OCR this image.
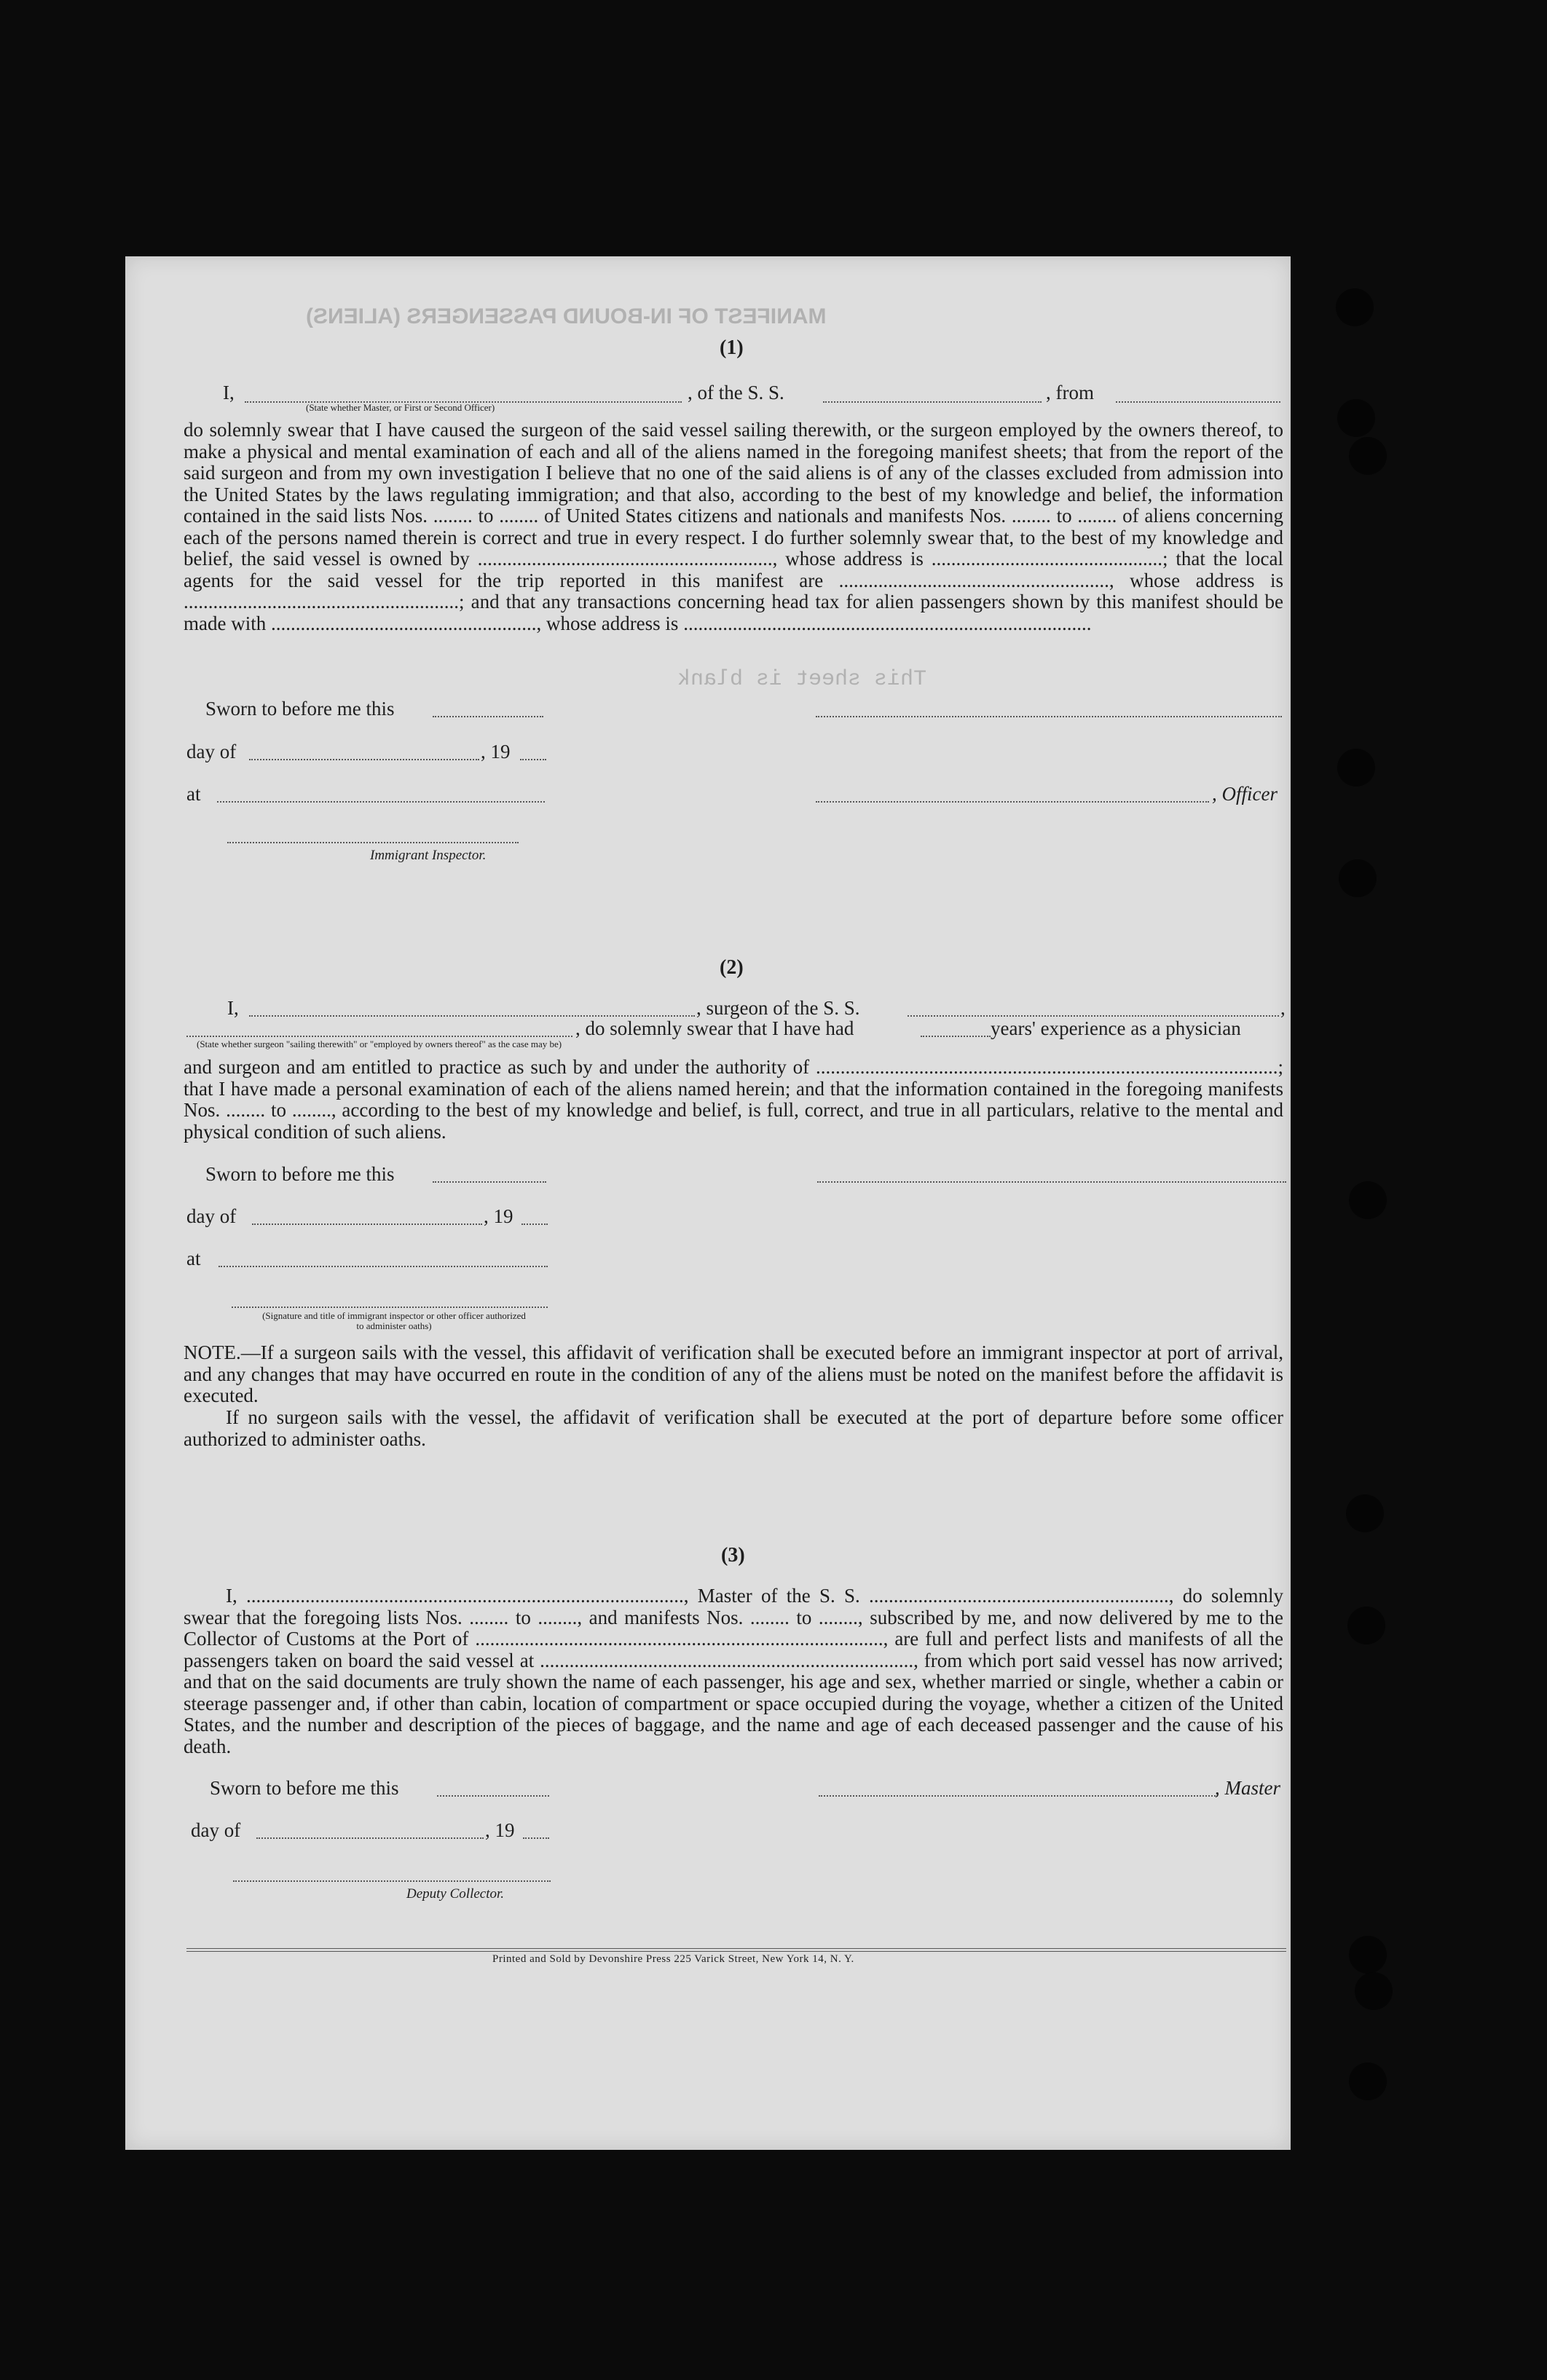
MANIFEST OF IN-BOUND PASSENGERS (ALIENS)
This sheet is blank
(1)
I,	, of the S. S.	, from
(State whether Master, or First or Second Officer)
do solemnly swear that I have caused the surgeon of the said vessel sailing therewith, or the surgeon employed by the owners thereof, to make a physical and mental examination of each and all of the aliens named in the foregoing manifest sheets; that from the report of the said surgeon and from my own investigation I believe that no one of the said aliens is of any of the classes excluded from admission into the United States by the laws regulating immigration; and that also, according to the best of my knowledge and belief, the information contained in the said lists Nos. ........ to ........ of United States citizens and nationals and manifests Nos. ........ to ........ of aliens concerning each of the persons named therein is correct and true in every respect. I do further solemnly swear that, to the best of my knowledge and belief, the said vessel is owned by ............................................................, whose address is ...............................................; that the local agents for the said vessel for the trip reported in this manifest are ......................................................., whose address is ........................................................; and that any transactions concerning head tax for alien passengers shown by this manifest should be made with ......................................................, whose address is ...................................................................................
Sworn to before me this
day of	, 19
at	, Officer
Immigrant Inspector.
(2)
I,	, surgeon of the S. S.	,
, do solemnly swear that I have had	years' experience as a physician
(State whether surgeon "sailing therewith" or "employed by owners thereof" as the case may be)
and surgeon and am entitled to practice as such by and under the authority of ..............................................................................................; that I have made a personal examination of each of the aliens named herein; and that the information contained in the foregoing manifests Nos. ........ to ........, according to the best of my knowledge and belief, is full, correct, and true in all particulars, relative to the mental and physical condition of such aliens.
Sworn to before me this
day of	, 19
at
(Signature and title of immigrant inspector or other officer authorized to administer oaths)
NOTE.—If a surgeon sails with the vessel, this affidavit of verification shall be executed before an immigrant inspector at port of arrival, and any changes that may have occurred en route in the condition of any of the aliens must be noted on the manifest before the affidavit is executed.
If no surgeon sails with the vessel, the affidavit of verification shall be executed at the port of departure before some officer authorized to administer oaths.
(3)
I, ........................................................................................., Master of the S. S. ............................................................., do solemnly swear that the foregoing lists Nos. ........ to ........, and manifests Nos. ........ to ........, subscribed by me, and now delivered by me to the Collector of Customs at the Port of ..................................................................................., are full and perfect lists and manifests of all the passengers taken on board the said vessel at ............................................................................, from which port said vessel has now arrived; and that on the said documents are truly shown the name of each passenger, his age and sex, whether married or single, whether a cabin or steerage passenger and, if other than cabin, location of compartment or space occupied during the voyage, whether a citizen of the United States, and the number and description of the pieces of baggage, and the name and age of each deceased passenger and the cause of his death.
Sworn to before me this	, Master
day of	, 19
Deputy Collector.
Printed and Sold by Devonshire Press 225 Varick Street, New York 14, N. Y.
